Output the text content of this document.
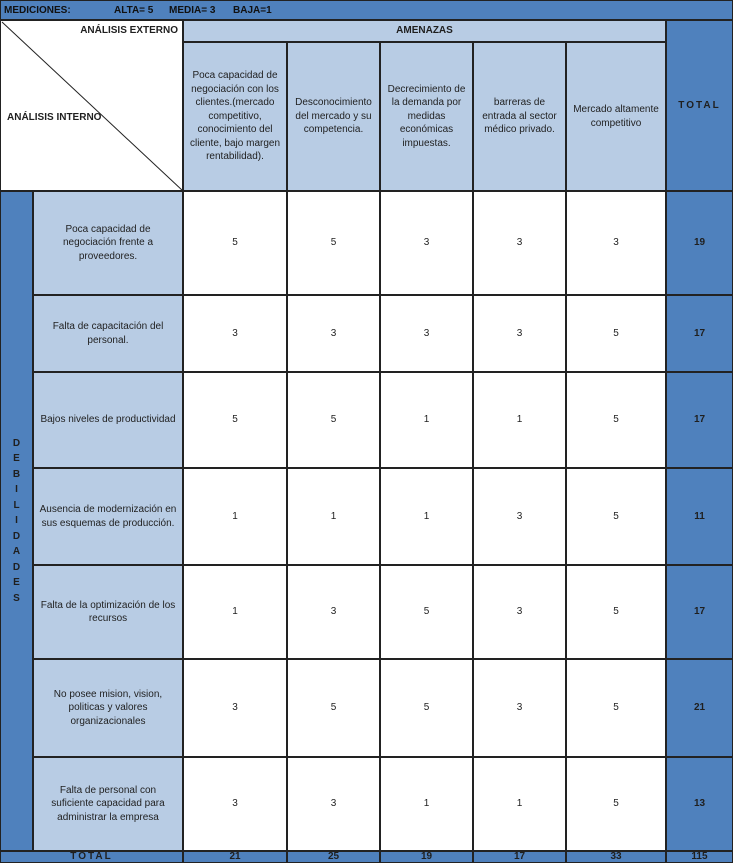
MEDICIONES:	ALTA= 5 MEDIA= 3 BAJA=1
ANÁLISIS EXTERNO
ANÁLISIS INTERNO
AMENAZAS
TOTAL
Poca capacidad de negociación con los clientes.(mercado competitivo, conocimiento del cliente, bajo margen rentabilidad).
Desconocimiento del mercado y su competencia.
Decrecimiento de la demanda por medidas económicas impuestas.
barreras de entrada al sector médico privado.
Mercado altamente competitivo
D
E
B
I
L
I
D
A
D
E
S
Poca capacidad de negociación frente a proveedores.
5	5	3	3	3	19
Falta de capacitación del personal.
3	3	3	3	5	17
Bajos niveles de productividad	5	5	1	1	5	17
Ausencia de modernización en sus esquemas de producción.
1	1	1	3	5	11
Falta de la optimización de los recursos
1	3	5	3	5	17
No posee mision, vision, politicas y valores organizacionales
3	5	5	3	5	21
Falta de personal con suficiente capacidad para administrar la empresa
3	3	1	1	5	13
TOTAL	21	25	19	17	33	115
